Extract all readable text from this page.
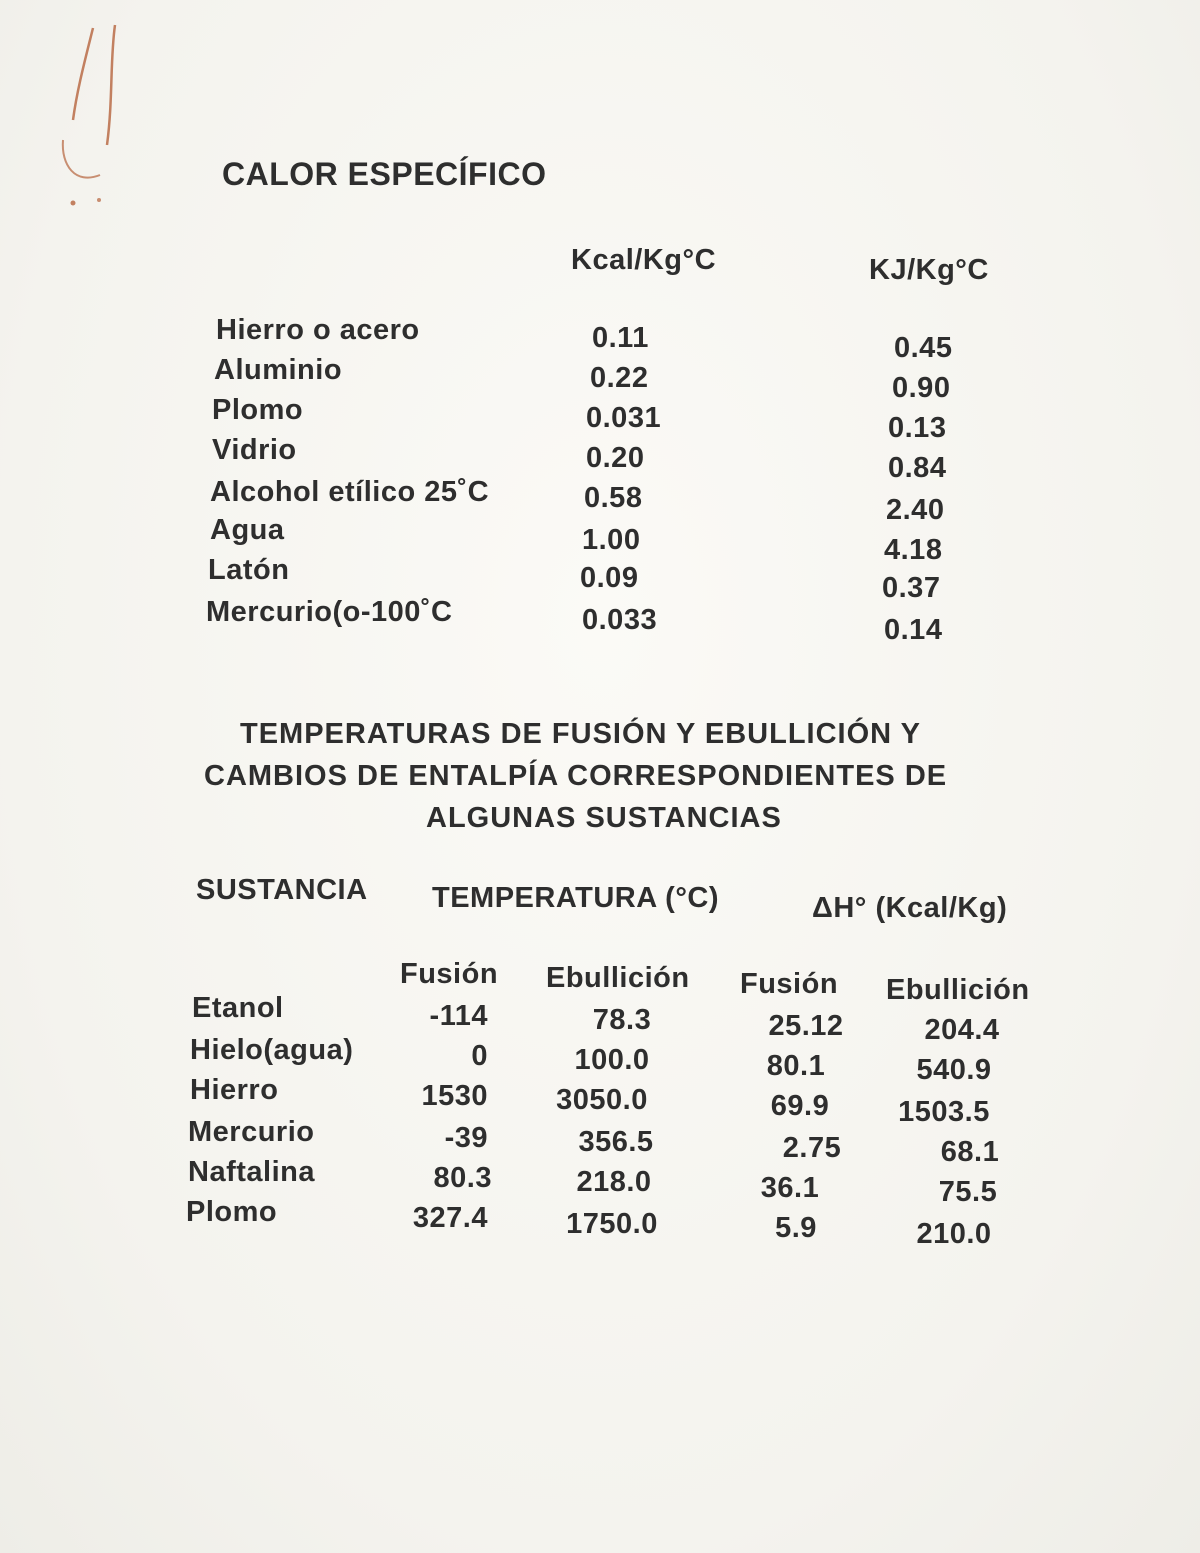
CALOR ESPECÍFICO
Kcal/Kg°C	KJ/Kg°C
Hierro o acero
Aluminio
Plomo
Vidrio
Alcohol etílico 25˚C
Agua
Latón
Mercurio(o-100˚C
0.11
0.22
0.031
0.20
0.58
1.00
0.09
0.033
0.45
0.90
0.13
0.84
2.40
4.18
0.37
0.14
TEMPERATURAS DE FUSIÓN Y EBULLICIÓN Y
CAMBIOS DE ENTALPÍA CORRESPONDIENTES DE
ALGUNAS SUSTANCIAS
SUSTANCIA TEMPERATURA (°C)	ΔH° (Kcal/Kg)
Fusión Ebullición Fusión Ebullición
Etanol
Hielo(agua)
Hierro
Mercurio
Naftalina
Plomo
-114
0
1530
-39
80.3
327.4
78.3
100.0
3050.0
356.5
218.0
1750.0
25.12
80.1
69.9
2.75
36.1
5.9
204.4
540.9
1503.5
68.1
75.5
210.0
